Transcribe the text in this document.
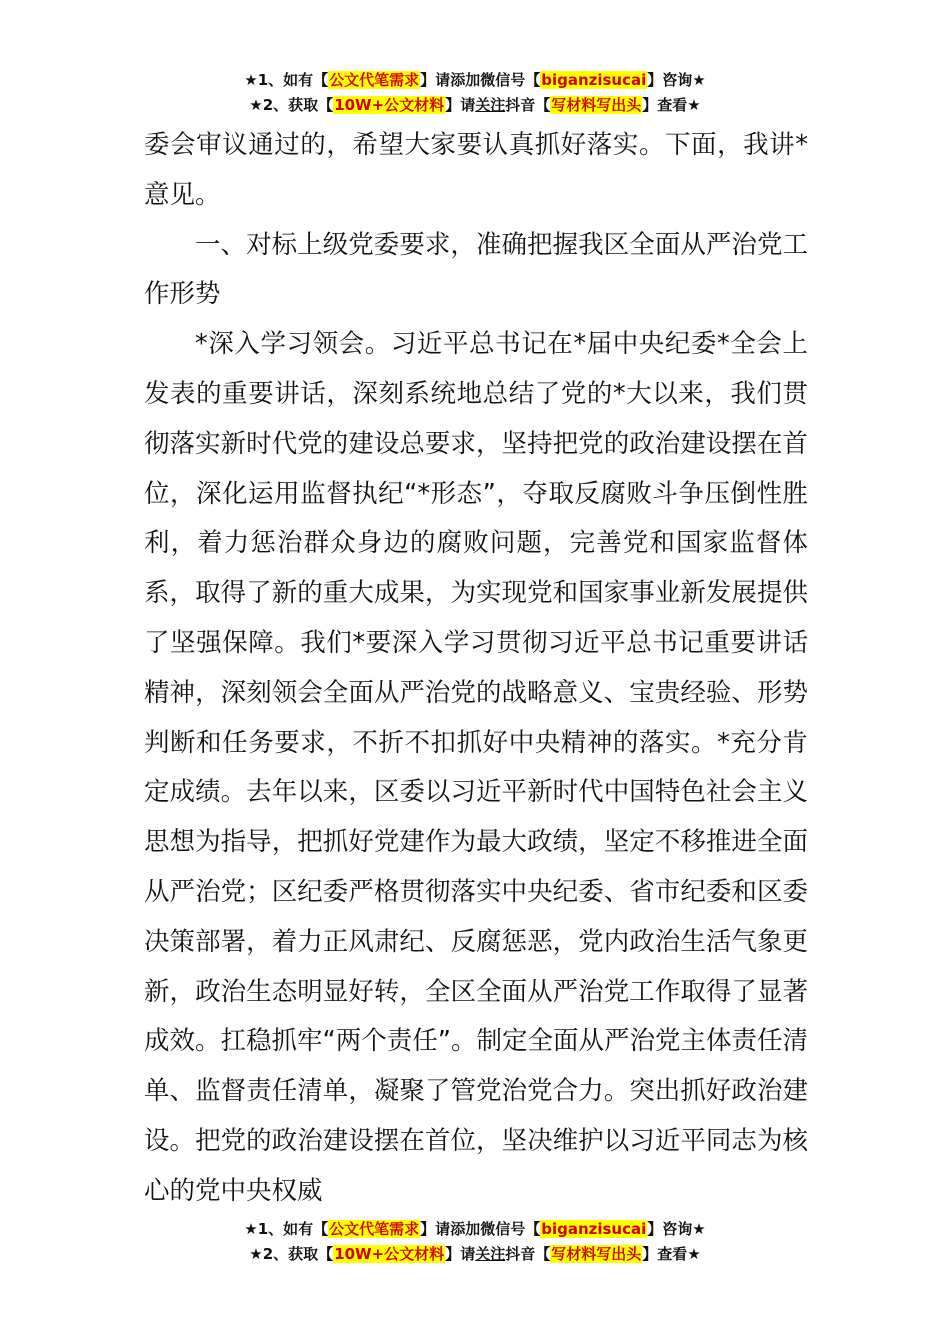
★1、如有【公文代笔需求】请添加微信号【biganzisucai】咨询★
★2、获取【10W+公文材料】请关注抖音【写材料写出头】查看★

委会审议通过的，希望大家要认真抓好落实。下面，我讲*意见。

一、对标上级党委要求，准确把握我区全面从严治党工作形势

*深入学习领会。习近平总书记在*届中央纪委*全会上发表的重要讲话，深刻系统地总结了党的*大以来，我们贯彻落实新时代党的建设总要求，坚持把党的政治建设摆在首位，深化运用监督执纪“*形态”，夺取反腐败斗争压倒性胜利，着力惩治群众身边的腐败问题，完善党和国家监督体系，取得了新的重大成果，为实现党和国家事业新发展提供了坚强保障。我们*要深入学习贯彻习近平总书记重要讲话精神，深刻领会全面从严治党的战略意义、宝贵经验、形势判断和任务要求，不折不扣抓好中央精神的落实。*充分肯定成绩。去年以来，区委以习近平新时代中国特色社会主义思想为指导，把抓好党建作为最大政绩，坚定不移推进全面从严治党；区纪委严格贯彻落实中央纪委、省市纪委和区委决策部署，着力正风肃纪、反腐惩恶，党内政治生活气象更新，政治生态明显好转，全区全面从严治党工作取得了显著成效。扛稳抓牢“两个责任”。制定全面从严治党主体责任清单、监督责任清单，凝聚了管党治党合力。突出抓好政治建设。把党的政治建设摆在首位，坚决维护以习近平同志为核心的党中央权威

★1、如有【公文代笔需求】请添加微信号【biganzisucai】咨询★
★2、获取【10W+公文材料】请关注抖音【写材料写出头】查看★
